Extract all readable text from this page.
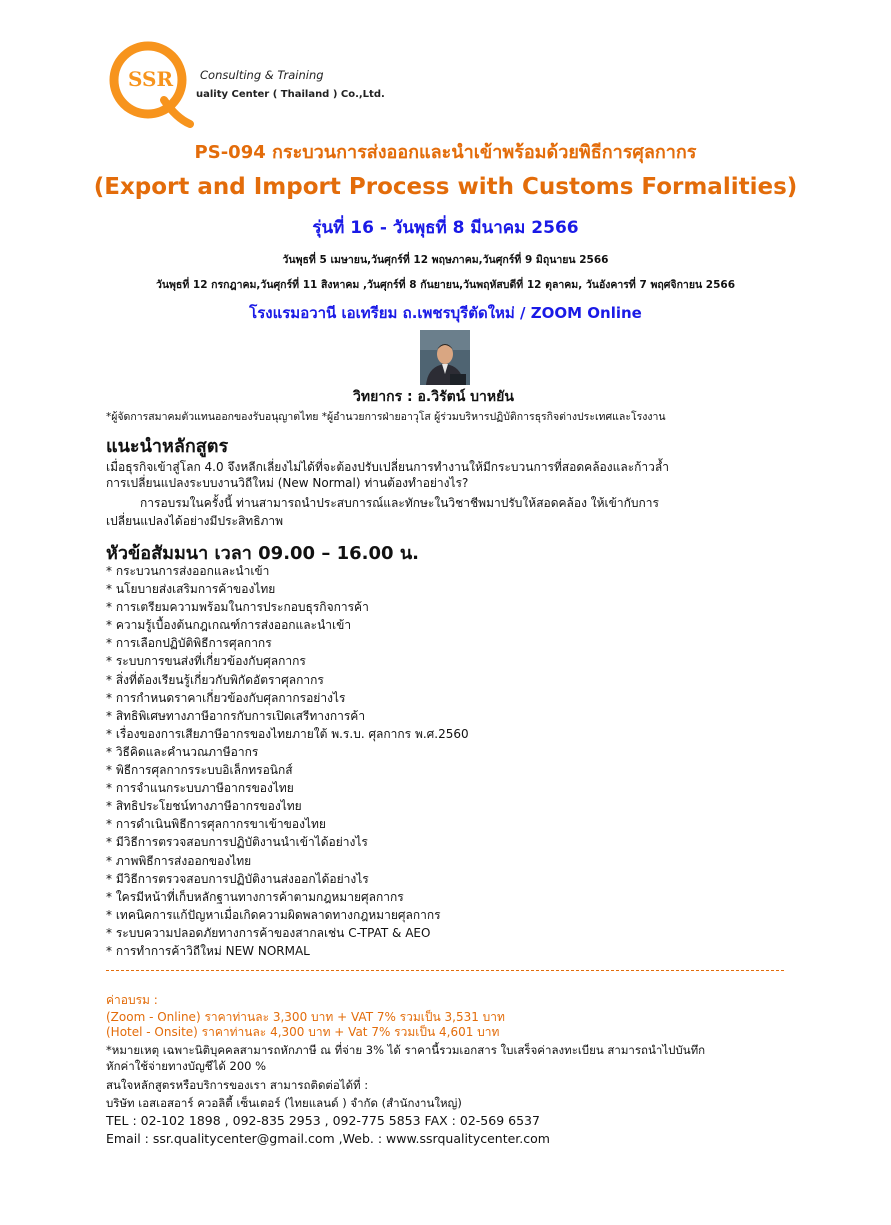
SSR Consulting & Training
uality Center ( Thailand ) Co.,Ltd.
PS-094 กระบวนการส่งออกและนำเข้าพร้อมด้วยพิธีการศุลกากร
(Export and Import Process with Customs Formalities)
รุ่นที่ 16 - วันพุธที่ 8 มีนาคม 2566
วันพุธที่ 5 เมษายน,วันศุกร์ที่ 12 พฤษภาคม,วันศุกร์ที่ 9 มิถุนายน 2566
วันพุธที่ 12 กรกฎาคม,วันศุกร์ที่ 11 สิงหาคม ,วันศุกร์ที่ 8 กันยายน,วันพฤหัสบดีที่ 12 ตุลาคม, วันอังคารที่ 7 พฤศจิกายน 2566
โรงแรมอวานี เอเทรียม ถ.เพชรบุรีตัดใหม่ / ZOOM Online
วิทยากร : อ.วิรัตน์ บาหยัน
*ผู้จัดการสมาคมตัวแทนออกของรับอนุญาตไทย *ผู้อำนวยการฝ่ายอาวุโส ผู้ร่วมบริหารปฏิบัติการธุรกิจต่างประเทศและโรงงาน
แนะนำหลักสูตร
เมื่อธุรกิจเข้าสู่โลก 4.0 จึงหลีกเลี่ยงไม่ได้ที่จะต้องปรับเปลี่ยนการทำงานให้มีกระบวนการที่สอดคล้องและก้าวล้ำ
การเปลี่ยนแปลงระบบงานวิถีใหม่ (New Normal) ท่านต้องทำอย่างไร?
การอบรมในครั้งนี้ ท่านสามารถนำประสบการณ์และทักษะในวิชาชีพมาปรับให้สอดคล้อง ให้เข้ากับการ
เปลี่ยนแปลงได้อย่างมีประสิทธิภาพ
หัวข้อสัมมนา เวลา 09.00 – 16.00 น.
* กระบวนการส่งออกและนำเข้า
* นโยบายส่งเสริมการค้าของไทย
* การเตรียมความพร้อมในการประกอบธุรกิจการค้า
* ความรู้เบื้องต้นกฎเกณฑ์การส่งออกและนำเข้า
* การเลือกปฏิบัติพิธีการศุลกากร
* ระบบการขนส่งที่เกี่ยวข้องกับศุลกากร
* สิ่งที่ต้องเรียนรู้เกี่ยวกับพิกัดอัตราศุลกากร
* การกำหนดราคาเกี่ยวข้องกับศุลกากรอย่างไร
* สิทธิพิเศษทางภาษีอากรกับการเปิดเสรีทางการค้า
* เรื่องของการเสียภาษีอากรของไทยภายใต้ พ.ร.บ. ศุลกากร พ.ศ.2560
* วิธีคิดและคำนวณภาษีอากร
* พิธีการศุลกากรระบบอิเล็กทรอนิกส์
* การจำแนกระบบภาษีอากรของไทย
* สิทธิประโยชน์ทางภาษีอากรของไทย
* การดำเนินพิธีการศุลกากรขาเข้าของไทย
* มีวิธีการตรวจสอบการปฏิบัติงานนำเข้าได้อย่างไร
* ภาพพิธีการส่งออกของไทย
* มีวิธีการตรวจสอบการปฏิบัติงานส่งออกได้อย่างไร
* ใครมีหน้าที่เก็บหลักฐานทางการค้าตามกฎหมายศุลกากร
* เทคนิคการแก้ปัญหาเมื่อเกิดความผิดพลาดทางกฎหมายศุลกากร
* ระบบความปลอดภัยทางการค้าของสากลเช่น C-TPAT & AEO
* การทำการค้าวิถีใหม่ NEW NORMAL
ค่าอบรม :
(Zoom - Online) ราคาท่านละ 3,300 บาท + VAT 7% รวมเป็น 3,531 บาท
(Hotel - Onsite) ราคาท่านละ 4,300 บาท + Vat 7% รวมเป็น 4,601 บาท
*หมายเหตุ เฉพาะนิติบุคคลสามารถหักภาษี ณ ที่จ่าย 3% ได้ ราคานี้รวมเอกสาร ใบเสร็จค่าลงทะเบียน สามารถนำไปบันทึก
หักค่าใช้จ่ายทางบัญชีได้ 200 %
สนใจหลักสูตรหรือบริการของเรา สามารถติดต่อได้ที่ :
บริษัท เอสเอสอาร์ ควอลิตี้ เซ็นเตอร์ (ไทยแลนด์ ) จำกัด (สำนักงานใหญ่)
TEL : 02-102 1898 , 092-835 2953 , 092-775 5853 FAX : 02-569 6537
Email : ssr.qualitycenter@gmail.com ,Web. : www.ssrqualitycenter.com
